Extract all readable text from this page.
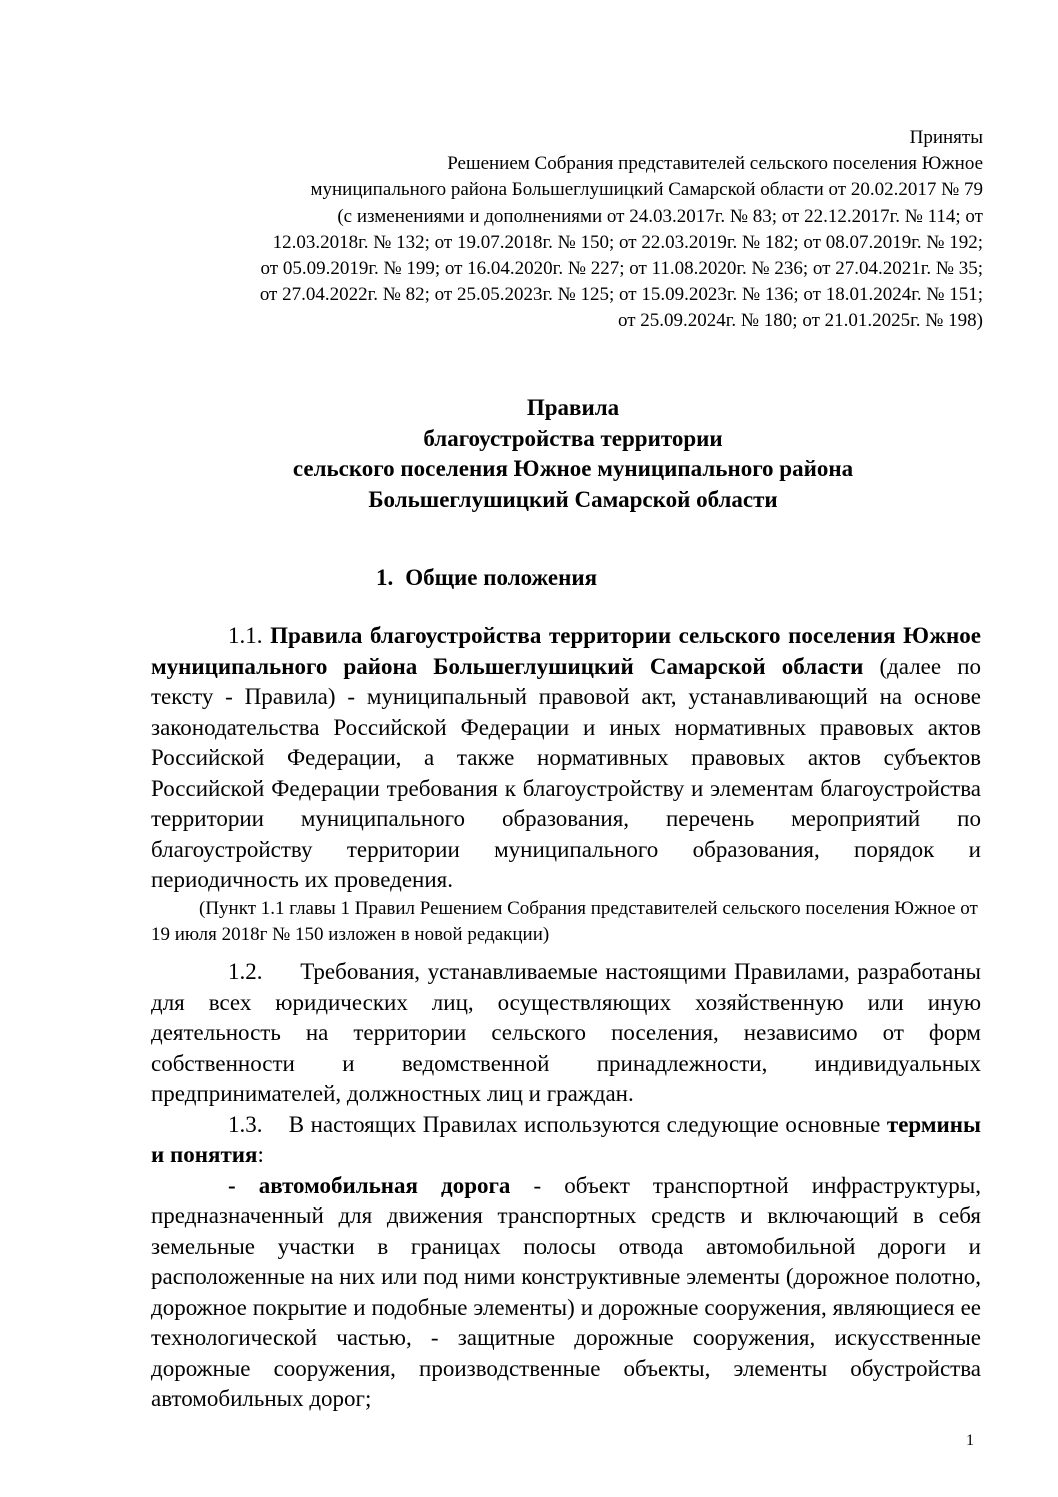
Приняты
Решением Собрания представителей сельского поселения Южное
муниципального района Большеглушицкий Самарской области от 20.02.2017 № 79
(с изменениями и дополнениями от 24.03.2017г. № 83; от 22.12.2017г. № 114; от
12.03.2018г. № 132; от 19.07.2018г. № 150; от 22.03.2019г. № 182; от 08.07.2019г. № 192;
от 05.09.2019г. № 199; от 16.04.2020г. № 227; от 11.08.2020г. № 236; от 27.04.2021г. № 35;
от 27.04.2022г. № 82; от 25.05.2023г. № 125; от 15.09.2023г. № 136; от 18.01.2024г. № 151;
от 25.09.2024г. № 180; от 21.01.2025г. № 198)
Правила
благоустройства территории
сельского поселения Южное муниципального района
Большеглушицкий Самарской области
1. Общие положения

1.1. Правила благоустройства территории сельского поселения Южное муниципального района Большеглушицкий Самарской области (далее по тексту - Правила) - муниципальный правовой акт, устанавливающий на основе законодательства Российской Федерации и иных нормативных правовых актов Российской Федерации, а также нормативных правовых актов субъектов Российской Федерации требования к благоустройству и элементам благоустройства территории муниципального образования, перечень мероприятий по благоустройству территории муниципального образования, порядок и периодичность их проведения.

(Пункт 1.1 главы 1 Правил Решением Собрания представителей сельского поселения Южное от 19 июля 2018г № 150 изложен в новой редакции)

1.2. Требования, устанавливаемые настоящими Правилами, разработаны для всех юридических лиц, осуществляющих хозяйственную или иную деятельность на территории сельского поселения, независимо от форм собственности и ведомственной принадлежности, индивидуальных предпринимателей, должностных лиц и граждан.

1.3. В настоящих Правилах используются следующие основные термины и понятия:

- автомобильная дорога - объект транспортной инфраструктуры, предназначенный для движения транспортных средств и включающий в себя земельные участки в границах полосы отвода автомобильной дороги и расположенные на них или под ними конструктивные элементы (дорожное полотно, дорожное покрытие и подобные элементы) и дорожные сооружения, являющиеся ее технологической частью, - защитные дорожные сооружения, искусственные дорожные сооружения, производственные объекты, элементы обустройства автомобильных дорог;

1
